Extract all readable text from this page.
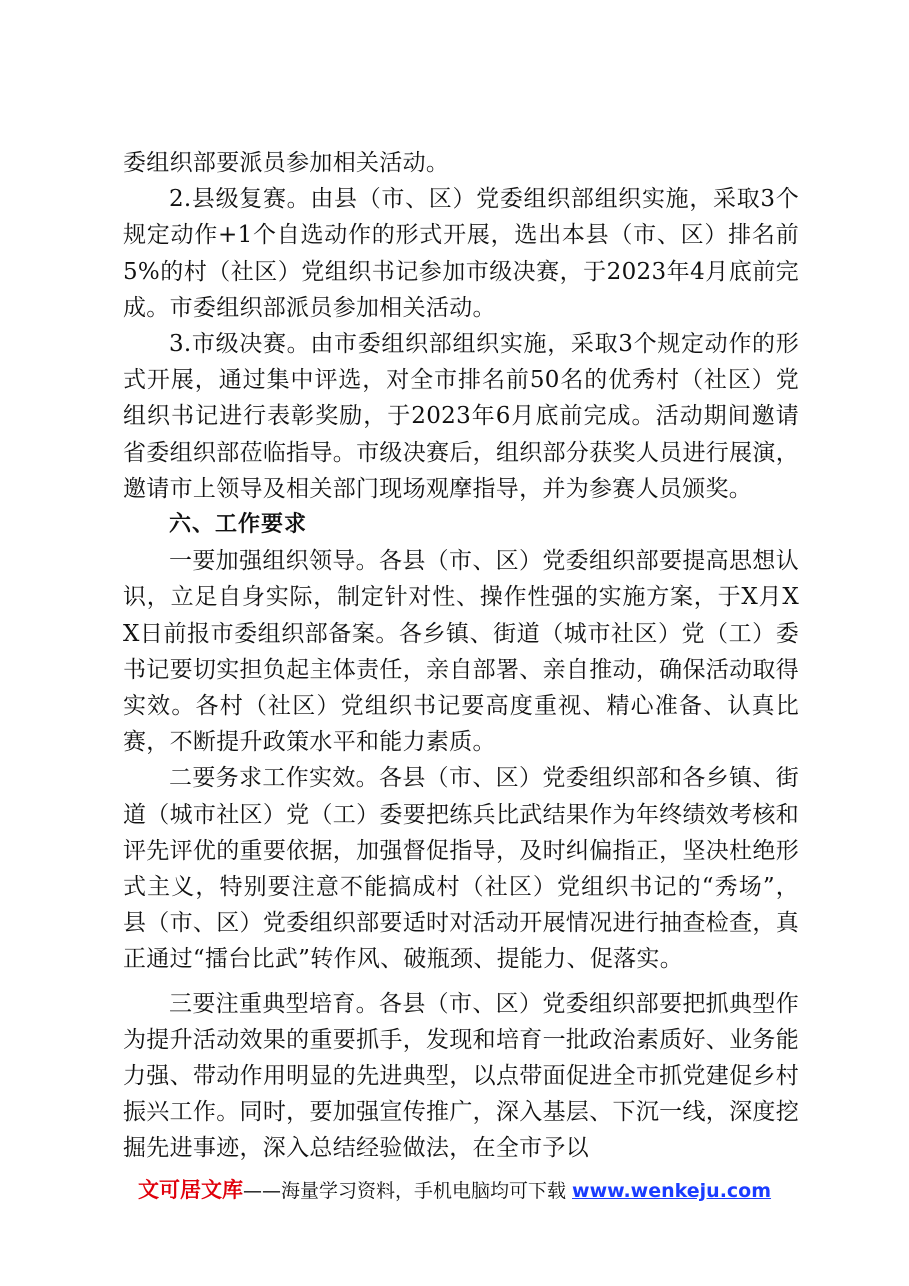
委组织部要派员参加相关活动。

2.县级复赛。由县（市、区）党委组织部组织实施，采取3个规定动作+1个自选动作的形式开展，选出本县（市、区）排名前5%的村（社区）党组织书记参加市级决赛，于2023年4月底前完成。市委组织部派员参加相关活动。

3.市级决赛。由市委组织部组织实施，采取3个规定动作的形式开展，通过集中评选，对全市排名前50名的优秀村（社区）党组织书记进行表彰奖励，于2023年6月底前完成。活动期间邀请省委组织部莅临指导。市级决赛后，组织部分获奖人员进行展演，邀请市上领导及相关部门现场观摩指导，并为参赛人员颁奖。

六、工作要求

一要加强组织领导。各县（市、区）党委组织部要提高思想认识，立足自身实际，制定针对性、操作性强的实施方案，于X月XX日前报市委组织部备案。各乡镇、街道（城市社区）党（工）委书记要切实担负起主体责任，亲自部署、亲自推动，确保活动取得实效。各村（社区）党组织书记要高度重视、精心准备、认真比赛，不断提升政策水平和能力素质。

二要务求工作实效。各县（市、区）党委组织部和各乡镇、街道（城市社区）党（工）委要把练兵比武结果作为年终绩效考核和评先评优的重要依据，加强督促指导，及时纠偏指正，坚决杜绝形式主义，特别要注意不能搞成村（社区）党组织书记的“秀场”，县（市、区）党委组织部要适时对活动开展情况进行抽查检查，真正通过“擂台比武”转作风、破瓶颈、提能力、促落实。

三要注重典型培育。各县（市、区）党委组织部要把抓典型作为提升活动效果的重要抓手，发现和培育一批政治素质好、业务能力强、带动作用明显的先进典型，以点带面促进全市抓党建促乡村振兴工作。同时，要加强宣传推广，深入基层、下沉一线，深度挖掘先进事迹，深入总结经验做法，在全市予以

文可居文库——海量学习资料，手机电脑均可下载 www.wenkeju.com
